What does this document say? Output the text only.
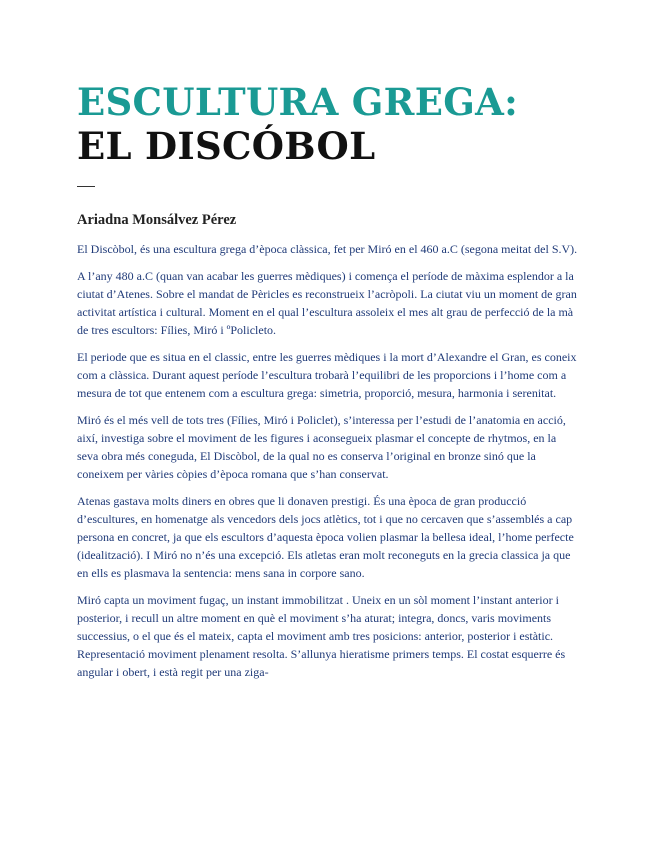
ESCULTURA GREGA:
EL DISCÓBOL
Ariadna Monsálvez Pérez

El Discòbol, és una escultura grega d’època clàssica, fet per Miró en el 460 a.C (segona meitat del S.V).

A l’any 480 a.C (quan van acabar les guerres mèdiques) i comença el període de màxima esplendor a la ciutat d’Atenes. Sobre el mandat de Pèricles es reconstrueix l’acròpoli. La ciutat viu un moment de gran activitat artística i cultural. Moment en el qual l’escultura assoleix el mes alt grau de perfecció de la mà de tres escultors: Fílies, Miró i ºPolicleto.

El periode que es situa en el classic, entre les guerres mèdiques i la mort d’Alexandre el Gran, es coneix com a clàssica. Durant aquest període l’escultura trobarà l’equilibri de les proporcions i l’home com a mesura de tot que entenem com a escultura grega: simetria, proporció, mesura, harmonia i serenitat.

Miró és el més vell de tots tres (Fílies, Miró i Policlet), s’interessa per l’estudi de l’anatomia en acció, així, investiga sobre el moviment de les figures i aconsegueix plasmar el concepte de rhytmos, en la seva obra més coneguda, El Discòbol, de la qual no es conserva l’original en bronze sinó que la coneixem per vàries còpies d’època romana que s’han conservat.

Atenas gastava molts diners en obres que li donaven prestigi. És una època de gran producció d’escultures, en homenatge als vencedors dels jocs atlètics, tot i que no cercaven que s’assemblés a cap persona en concret, ja que els escultors d’aquesta època volien plasmar la bellesa ideal, l’home perfecte (idealització). I Miró no n’és una excepció. Els atletas eran molt reconeguts en la grecia classica ja que en ells es plasmava la sentencia: mens sana in corpore sano.

Miró capta un moviment fugaç, un instant immobilitzat . Uneix en un sòl moment l’instant anterior i posterior, i recull un altre moment en què el moviment s’ha aturat; integra, doncs, varis moviments successius, o el que és el mateix, capta el moviment amb tres posicions: anterior, posterior i estàtic. Representació moviment plenament resolta. S’allunya hieratisme primers temps. El costat esquerre és angular i obert, i està regit per una ziga-
